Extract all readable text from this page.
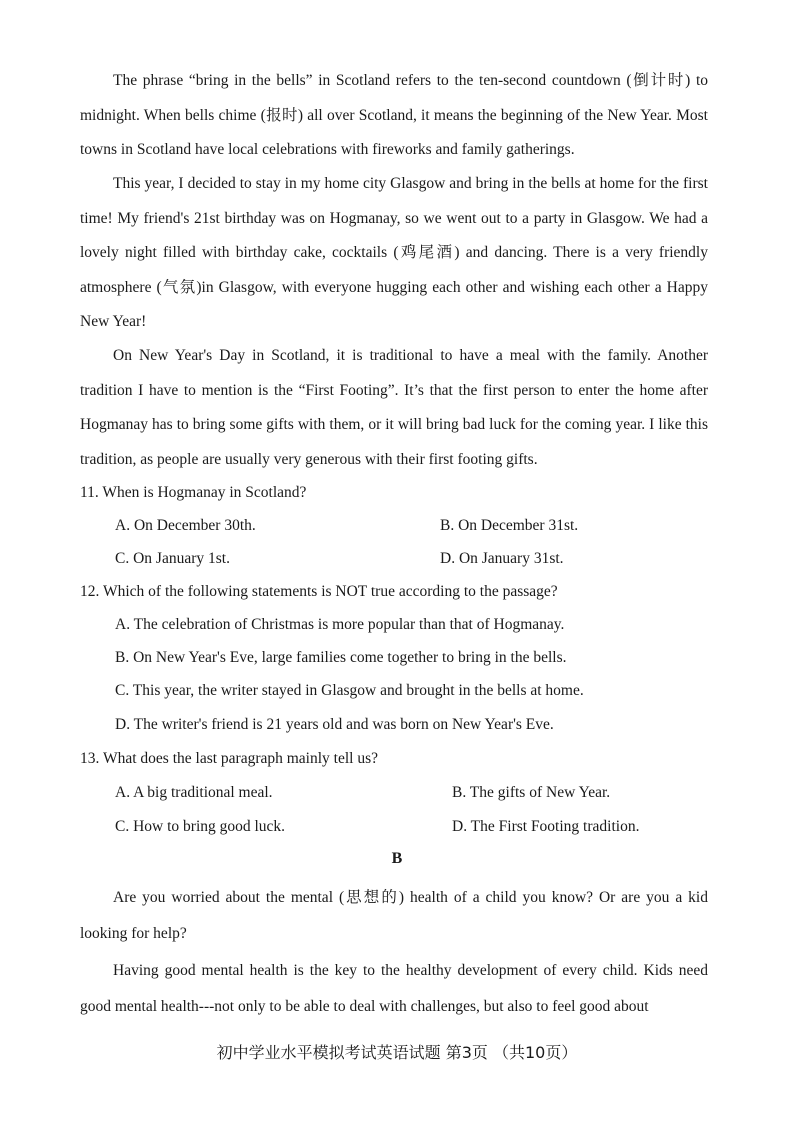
The phrase “bring in the bells” in Scotland refers to the ten-second countdown (倒计时) to midnight. When bells chime (报时) all over Scotland, it means the beginning of the New Year. Most towns in Scotland have local celebrations with fireworks and family gatherings.

This year, I decided to stay in my home city Glasgow and bring in the bells at home for the first time! My friend's 21st birthday was on Hogmanay, so we went out to a party in Glasgow. We had a lovely night filled with birthday cake, cocktails (鸡尾酒) and dancing. There is a very friendly atmosphere (气氛)in Glasgow, with everyone hugging each other and wishing each other a Happy New Year!

On New Year's Day in Scotland, it is traditional to have a meal with the family. Another tradition I have to mention is the “First Footing”. It’s that the first person to enter the home after Hogmanay has to bring some gifts with them, or it will bring bad luck for the coming year. I like this tradition, as people are usually very generous with their first footing gifts.

11. When is Hogmanay in Scotland?

A. On December 30th.	B. On December 31st.

C. On January 1st.	D. On January 31st.

12. Which of the following statements is NOT true according to the passage?

A. The celebration of Christmas is more popular than that of Hogmanay.

B. On New Year's Eve, large families come together to bring in the bells.

C. This year, the writer stayed in Glasgow and brought in the bells at home.

D. The writer's friend is 21 years old and was born on New Year's Eve.

13. What does the last paragraph mainly tell us?

A. A big traditional meal.	B. The gifts of New Year.

C. How to bring good luck.	D. The First Footing tradition.

B

Are you worried about the mental (思想的) health of a child you know? Or are you a kid looking for help?

Having good mental health is the key to the healthy development of every child. Kids need good mental health---not only to be able to deal with challenges, but also to feel good about

初中学业水平模拟考试英语试题 第3页 （共10页）
